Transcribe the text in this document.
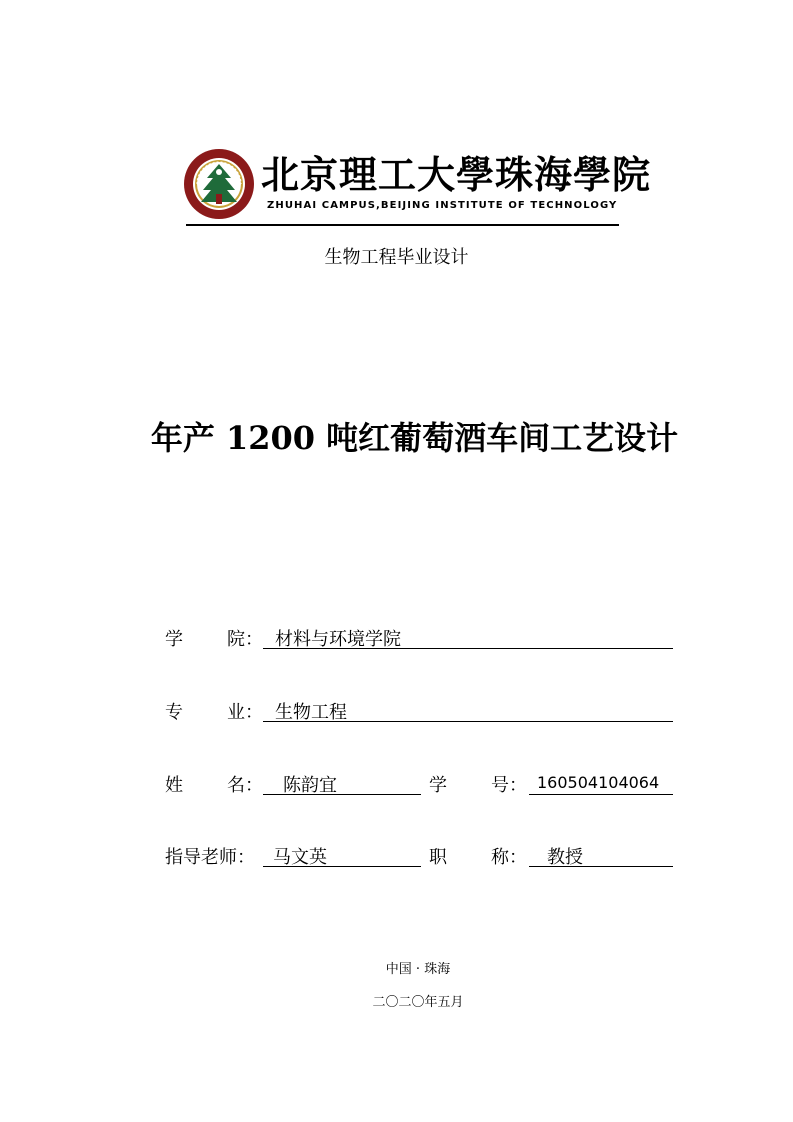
北京理工大學珠海學院
ZHUHAI CAMPUS,BEIJING INSTITUTE OF TECHNOLOGY
生物工程毕业设计
年产 1200 吨红葡萄酒车间工艺设计
学 院： 材料与环境学院
专 业： 生物工程
姓 名：	陈韵宜	学 号： 160504104064
指导老师：	马文英	职 称：	教授
中国 · 珠海
二〇二〇年五月
